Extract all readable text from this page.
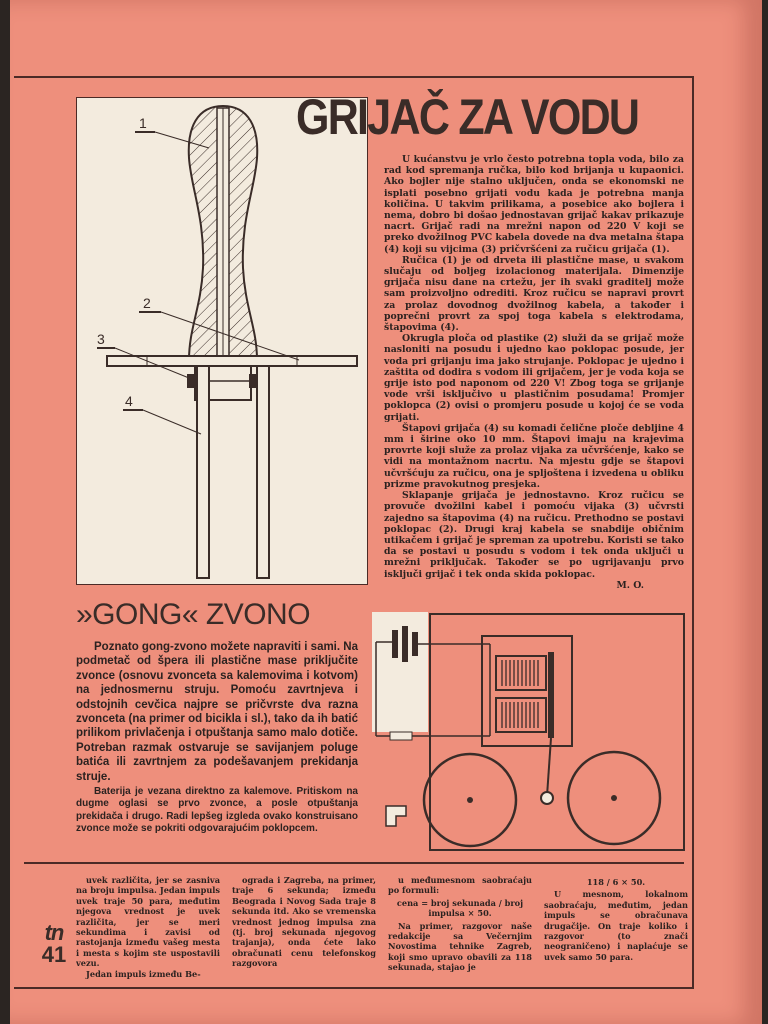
1
2
3
4
GRIJAČ ZA VODU

U kućanstvu je vrlo često potrebna topla voda, bilo za rad kod spremanja ručka, bilo kod brijanja u kupaonici. Ako bojler nije stalno uključen, onda se ekonomski ne isplati posebno grijati vodu kada je potrebna manja količina. U takvim prilikama, a posebice ako bojlera i nema, dobro bi došao jednostavan grijač kakav prikazuje nacrt. Grijač radi na mrežni napon od 220 V koji se preko dvožilnog PVC kabela dovede na dva metalna štapa (4) koji su vijcima (3) pričvršćeni za ručicu grijača (1).

Ručica (1) je od drveta ili plastične mase, u svakom slučaju od boljeg izolacionog materijala. Dimenzije grijača nisu dane na crtežu, jer ih svaki graditelj može sam proizvoljno odrediti. Kroz ručicu se napravi provrt za prolaz dovodnog dvožilnog kabela, a također i poprečni provrt za spoj toga kabela s elektrodama, štapovima (4).

Okrugla ploča od plastike (2) služi da se grijač može nasloniti na posudu i ujedno kao poklopac posude, jer voda pri grijanju ima jako strujanje. Poklopac je ujedno i zaštita od dodira s vodom ili grijačem, jer je voda koja se grije isto pod naponom od 220 V! Zbog toga se grijanje vode vrši isključivo u plastičnim posudama! Promjer poklopca (2) ovisi o promjeru posude u kojoj će se voda grijati.

Štapovi grijača (4) su komadi čelične ploče debljine 4 mm i širine oko 10 mm. Štapovi imaju na krajevima provrte koji služe za prolaz vijaka za učvršćenje, kako se vidi na montažnom nacrtu. Na mjestu gdje se štapovi učvršćuju za ručicu, ona je spljoštena i izvedena u obliku prizme pravokutnog presjeka.

Sklapanje grijača je jednostavno. Kroz ručicu se provuče dvožilni kabel i pomoću vijaka (3) učvrsti zajedno sa štapovima (4) na ručicu. Prethodno se postavi poklopac (2). Drugi kraj kabela se snabdije običnim utikačem i grijač je spreman za upotrebu. Koristi se tako da se postavi u posudu s vodom i tek onda uključi u mrežni priključak. Također se po ugrijavanju prvo isključi grijač i tek onda skida poklopac.

M. O.

»GONG« ZVONO

Poznato gong-zvono možete napraviti i sami. Na podmetač od šperа ili plastične mase priključite zvonce (osnovu zvonceta sa kalemovima i kotvom) na jednosmernu struju. Pomoću zavrtnjeva i odstojnih cevčica najpre se pričvrste dva razna zvonceta (na primer od bicikla i sl.), tako da ih batić prilikom privlačenja i otpuštanja samo malo dotiče. Potreban razmak ostvaruje se savijanjem poluge batića ili zavrtnjem za podešavanjem prekidanja struje.

Baterija je vezana direktno za kalemove. Pritiskom na dugme oglasi se prvo zvonce, a posle otpuštanja prekidača i drugo. Radi lepšeg izgleda ovako konstruisano zvonce može se pokriti odgovarajućim poklopcem.

uvek različita, jer se zasniva na broju impulsa. Jedan impuls uvek traje 50 para, međutim njegova vrednost je uvek različita, jer se meri sekundima i zavisi od rastojanja između vašeg mesta i mesta s kojim ste uspostavili vezu.

Jedan impuls između Be-

ograda i Zagreba, na primer, traje 6 sekunda; između Beograda i Novog Sada traje 8 sekunda itd. Ako se vremenska vrednost jednog impulsa zna (tj. broj sekunada njegovog trajanja), onda ćete lako obračunati cenu telefonskog razgovora

u međumesnom saobraćaju po formuli:

cena = broj sekunada / broj impulsa × 50.

Na primer, razgovor naše redakcije sa Večernjim Novostima tehnike Zagreb, koji smo upravo obavili za 118 sekunada, stajao je

118 / 6 × 50.

U mesnom, lokalnom saobraćaju, međutim, jedan impuls se obračunava drugačije. On traje koliko i razgovor (to znači neograničeno) i naplaćuje se uvek samo 50 para.

tn
41
